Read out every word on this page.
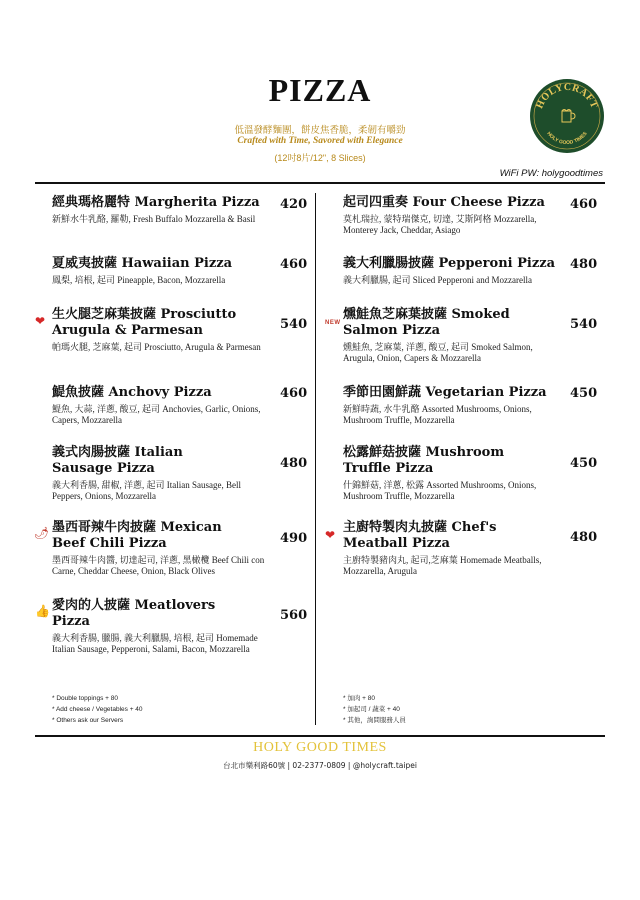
PIZZA
低溫發酵麵團，餅皮焦香脆，柔韌有嚼勁
Crafted with Time, Savored with Elegance
(12吋8片/12", 8 Slices)
HOLYCRAFT
HOLY GOOD TIMES
WiFi PW: holygoodtimes
經典瑪格麗特 Margherita Pizza
新鮮水牛乳酪, 羅勒, Fresh Buffalo Mozzarella & Basil
420
夏威夷披薩 Hawaiian Pizza
鳳梨, 培根, 起司 Pineapple, Bacon, Mozzarella
460
❤ 生火腿芝麻葉披薩 Prosciutto Arugula & Parmesan
帕瑪火腿, 芝麻葉, 起司 Prosciutto, Arugula & Parmesan
540
鯷魚披薩 Anchovy Pizza
鯷魚, 大蒜, 洋蔥, 酸豆, 起司 Anchovies, Garlic, Onions, Capers, Mozzarella
460
義式肉腸披薩 Italian Sausage Pizza
義大利香腸, 甜椒, 洋蔥, 起司 Italian Sausage, Bell Peppers, Onions, Mozzarella
480
🌶 墨西哥辣牛肉披薩 Mexican Beef Chili Pizza
墨西哥辣牛肉醬, 切達起司, 洋蔥, 黑橄欖 Beef Chili con Carne, Cheddar Cheese, Onion, Black Olives
490
👍 愛肉的人披薩 Meatlovers Pizza
義大利香腸, 臘腸, 義大利臘腸, 培根, 起司 Homemade Italian Sausage, Pepperoni, Salami, Bacon, Mozzarella
560
起司四重奏 Four Cheese Pizza
莫札瑞拉, 蒙特瑞傑克, 切達, 艾斯阿格 Mozzarella, Monterey Jack, Cheddar, Asiago
460
義大利臘腸披薩 Pepperoni Pizza
義大利臘腸, 起司 Sliced Pepperoni and Mozzarella
480
NEW
燻鮭魚芝麻葉披薩 Smoked Salmon Pizza
燻鮭魚, 芝麻葉, 洋蔥, 酸豆, 起司 Smoked Salmon, Arugula, Onion, Capers & Mozzarella
540
季節田園鮮蔬 Vegetarian Pizza
新鮮時蔬, 水牛乳酪 Assorted Mushrooms, Onions, Mushroom Truffle, Mozzarella
450
松露鮮菇披薩 Mushroom Truffle Pizza
什錦鮮菇, 洋蔥, 松露 Assorted Mushrooms, Onions, Mushroom Truffle, Mozzarella
450
❤ 主廚特製肉丸披薩 Chef's Meatball Pizza
主廚特製豬肉丸, 起司,芝麻葉 Homemade Meatballs, Mozzarella, Arugula
480
* Double toppings + 80
* Add cheese / Vegetables + 40
* Others ask our Servers
* 加肉 + 80
* 加起司 / 蔬菜 + 40
* 其他，詢問服務人員
HOLY GOOD TIMES
台北市樂利路60號 | 02-2377-0809 | @holycraft.taipei
